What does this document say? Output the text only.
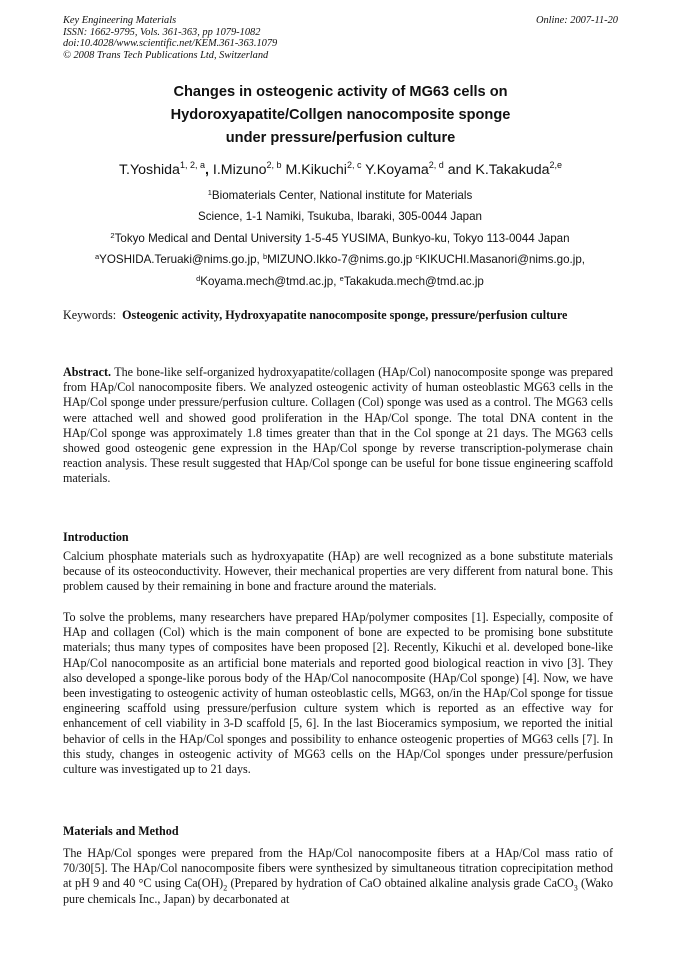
Key Engineering Materials
ISSN: 1662-9795, Vols. 361-363, pp 1079-1082
doi:10.4028/www.scientific.net/KEM.361-363.1079
© 2008 Trans Tech Publications Ltd, Switzerland
Online: 2007-11-20
Changes in osteogenic activity of MG63 cells on
Hydoroxyapatite/Collgen nanocomposite sponge
under pressure/perfusion culture
T.Yoshida$^{1, 2, a}$, I.Mizuno$^{2, b}$ M.Kikuchi$^{2, c}$ Y.Koyama$^{2, d}$ and K.Takakuda$^{2,e}$
$^1$Biomaterials Center, National institute for Materials
Science, 1-1 Namiki, Tsukuba, Ibaraki, 305-0044 Japan
$^2$Tokyo Medical and Dental University 1-5-45 YUSIMA, Bunkyo-ku, Tokyo 113-0044 Japan
$^a$YOSHIDA.Teruaki@nims.go.jp, $^b$MIZUNO.Ikko-7@nims.go.jp $^c$KIKUCHI.Masanori@nims.go.jp,
$^d$Koyama.mech@tmd.ac.jp, $^e$Takakuda.mech@tmd.ac.jp
Keywords: Osteogenic activity, Hydroxyapatite nanocomposite sponge, pressure/perfusion culture
Abstract. The bone-like self-organized hydroxyapatite/collagen (HAp/Col) nanocomposite sponge was prepared from HAp/Col nanocomposite fibers. We analyzed osteogenic activity of human osteoblastic MG63 cells in the HAp/Col sponge under pressure/perfusion culture. Collagen (Col) sponge was used as a control. The MG63 cells were attached well and showed good proliferation in the HAp/Col sponge. The total DNA content in the HAp/Col sponge was approximately 1.8 times greater than that in the Col sponge at 21 days. The MG63 cells showed good osteogenic gene expression in the HAp/Col sponge by reverse transcription-polymerase chain reaction analysis. These result suggested that HAp/Col sponge can be useful for bone tissue engineering scaffold materials.
Introduction
Calcium phosphate materials such as hydroxyapatite (HAp) are well recognized as a bone substitute materials because of its osteoconductivity. However, their mechanical properties are very different from natural bone. This problem caused by their remaining in bone and fracture around the materials.
To solve the problems, many researchers have prepared HAp/polymer composites [1]. Especially, composite of HAp and collagen (Col) which is the main component of bone are expected to be promising bone substitute materials; thus many types of composites have been proposed [2]. Recently, Kikuchi et al. developed bone-like HAp/Col nanocomposite as an artificial bone materials and reported good biological reaction in vivo [3]. They also developed a sponge-like porous body of the HAp/Col nanocomposite (HAp/Col sponge) [4]. Now, we have been investigating to osteogenic activity of human osteoblastic cells, MG63, on/in the HAp/Col sponge for tissue engineering scaffold using pressure/perfusion culture system which is reported as an effective way for enhancement of cell viability in 3-D scaffold [5, 6]. In the last Bioceramics symposium, we reported the initial behavior of cells in the HAp/Col sponges and possibility to enhance osteogenic properties of MG63 cells [7]. In this study, changes in osteogenic activity of MG63 cells on the HAp/Col sponges under pressure/perfusion culture was investigated up to 21 days.
Materials and Method
The HAp/Col sponges were prepared from the HAp/Col nanocomposite fibers at a HAp/Col mass ratio of 70/30[5]. The HAp/Col nanocomposite fibers were synthesized by simultaneous titration coprecipitation method at pH 9 and 40 °C using $Ca(OH)_2$ (Prepared by hydration of CaO obtained alkaline analysis grade CaCO$_3$ (Wako pure chemicals Inc., Japan) by decarbonated at
